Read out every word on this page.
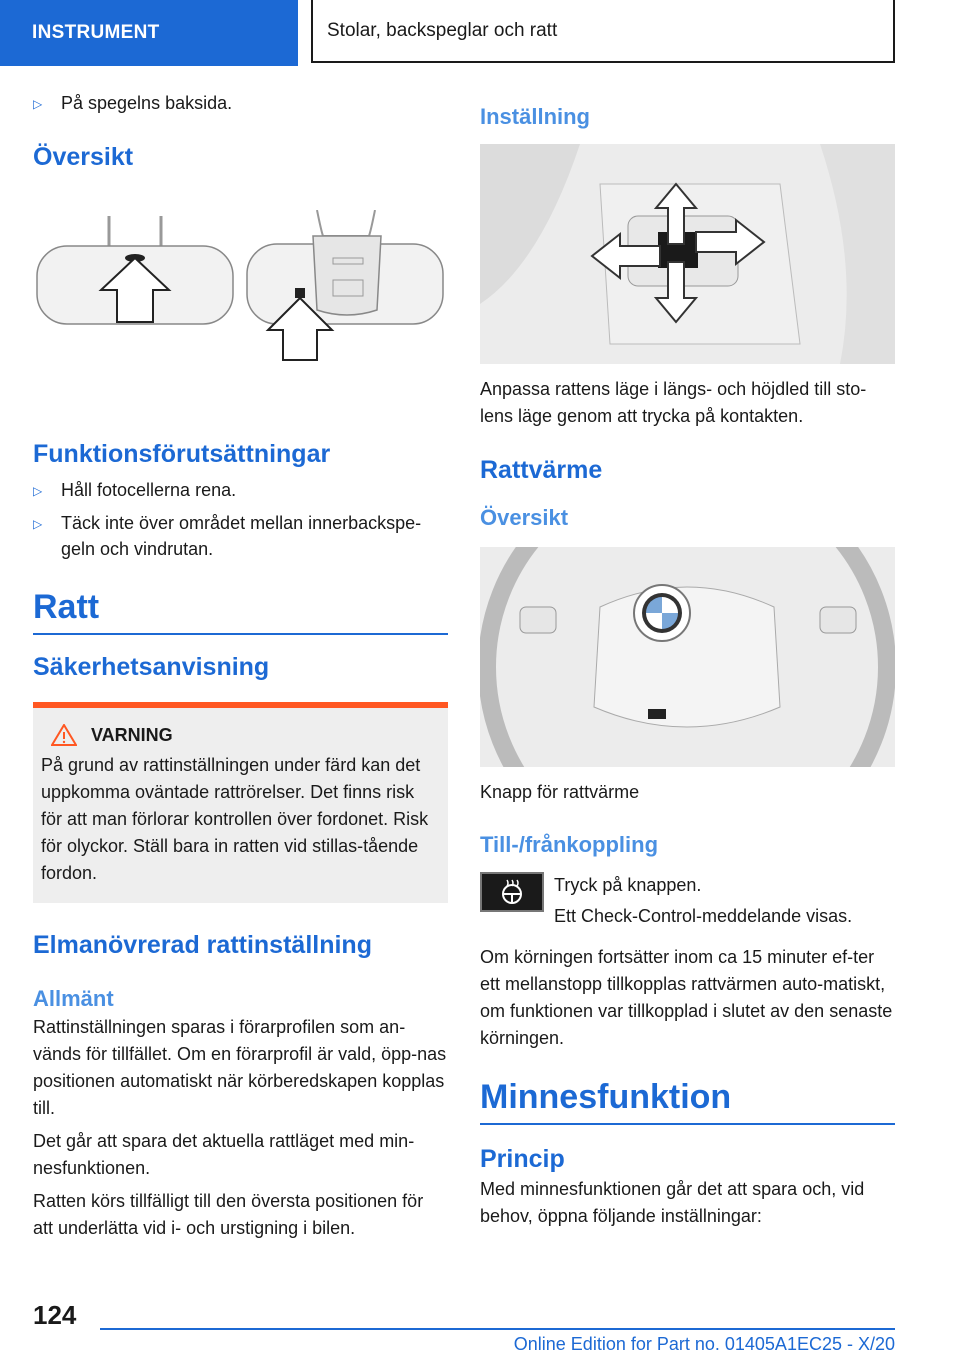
INSTRUMENT	Stolar, backspeglar och ratt
▷	På spegelns baksida.
Översikt
Funktionsförutsättningar
▷	Håll fotocellerna rena.
▷	Täck inte över området mellan innerbackspe-geln och vindrutan.
Ratt
Säkerhetsanvisning
VARNING
På grund av rattinställningen under färd kan det uppkomma oväntade rattrörelser. Det finns risk för att man förlorar kontrollen över fordonet. Risk för olyckor. Ställ bara in ratten vid stillas-tående fordon.
Elmanövrerad rattinställning
Allmänt
Rattinställningen sparas i förarprofilen som an-vänds för tillfället. Om en förarprofil är vald, öpp-nas positionen automatiskt när körberedskapen kopplas till.
Det går att spara det aktuella rattläget med min-nesfunktionen.
Ratten körs tillfälligt till den översta positionen för att underlätta vid i- och urstigning i bilen.
Inställning
Anpassa rattens läge i längs- och höjdled till sto-lens läge genom att trycka på kontakten.
Rattvärme
Översikt
Knapp för rattvärme
Till-/frånkoppling
Tryck på knappen.
Ett Check-Control-meddelande visas.
Om körningen fortsätter inom ca 15 minuter ef-ter ett mellanstopp tillkopplas rattvärmen auto-matiskt, om funktionen var tillkopplad i slutet av den senaste körningen.
Minnesfunktion
Princip
Med minnesfunktionen går det att spara och, vid behov, öppna följande inställningar:
124
Online Edition for Part no. 01405A1EC25 - X/20
